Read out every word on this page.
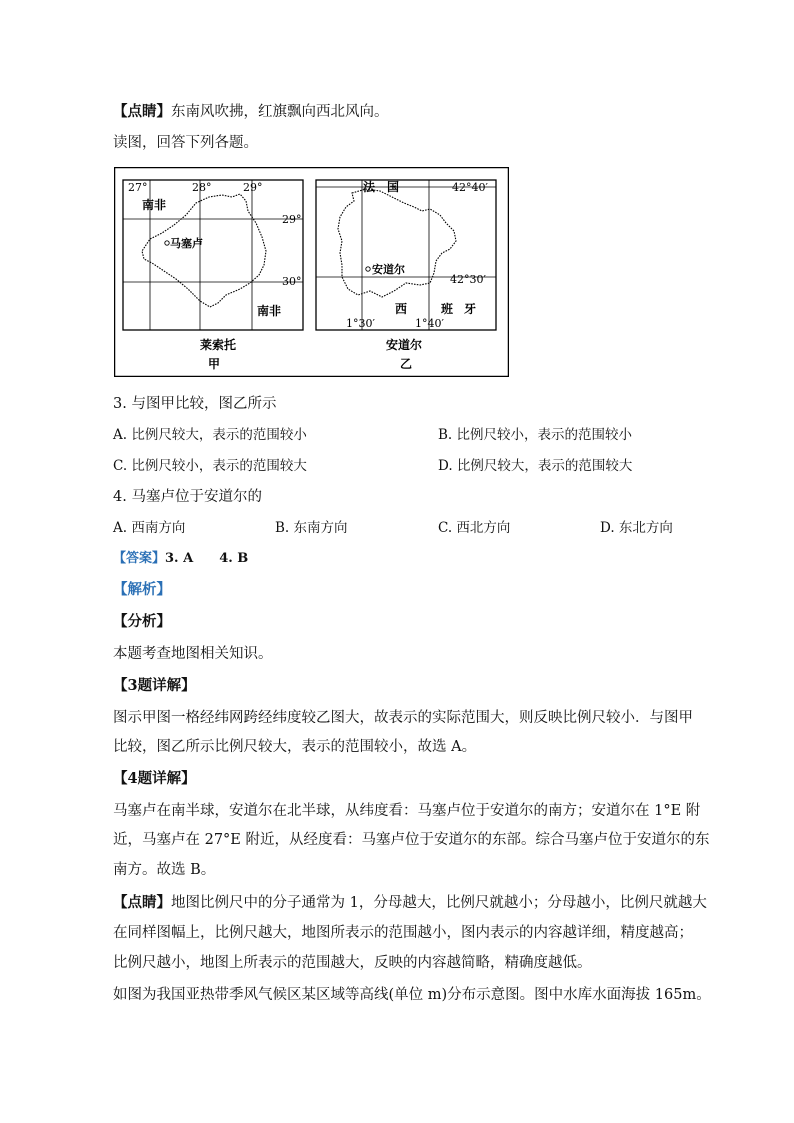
【点睛】东南风吹拂，红旗飘向西北风向。
读图，回答下列各题。
27°	28°	29°
29°
30°
南非
南非
马塞卢
莱索托
甲
法　国	42°40′
42°30′
安道尔
西	班 牙
1°30′	1°40′
安道尔
乙
3. 与图甲比较，图乙所示
A. 比例尺较大，表示的范围较小	B. 比例尺较小，表示的范围较小
C. 比例尺较小，表示的范围较大	D. 比例尺较大，表示的范围较大
4. 马塞卢位于安道尔的
A. 西南方向	B. 东南方向	C. 西北方向	D. 东北方向
【答案】3. A　　4. B
【解析】
【分析】
本题考查地图相关知识。
【3题详解】
图示甲图一格经纬网跨经纬度较乙图大，故表示的实际范围大，则反映比例尺较小．与图甲
比较，图乙所示比例尺较大，表示的范围较小，故选 A。
【4题详解】
马塞卢在南半球，安道尔在北半球，从纬度看：马塞卢位于安道尔的南方；安道尔在 1°E 附
近，马塞卢在 27°E 附近，从经度看：马塞卢位于安道尔的东部。综合马塞卢位于安道尔的东
南方。故选 B。
【点睛】地图比例尺中的分子通常为 1，分母越大，比例尺就越小；分母越小，比例尺就越大
在同样图幅上，比例尺越大，地图所表示的范围越小，图内表示的内容越详细，精度越高；
比例尺越小，地图上所表示的范围越大，反映的内容越简略，精确度越低。
如图为我国亚热带季风气候区某区域等高线(单位 m)分布示意图。图中水库水面海拔 165m。
